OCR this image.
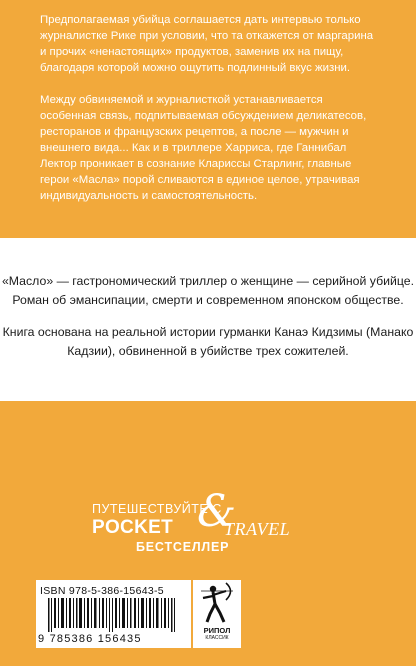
Предполагаемая убийца соглашается дать интервью только журналистке Рике при условии, что та откажется от маргарина и прочих «ненастоящих» продуктов, заменив их на пищу, благодаря которой можно ощутить подлинный вкус жизни.

Между обвиняемой и журналисткой устанавливается особенная связь, подпитываемая обсуждением деликатесов, ресторанов и французских рецептов, а после — мужчин и внешнего вида... Как и в триллере Харриса, где Ганнибал Лектор проникает в сознание Клариссы Старлинг, главные герои «Масла» порой сливаются в единое целое, утрачивая индивидуальность и самостоятельность.

«Масло» — гастрономический триллер о женщине — серийной убийце. Роман об эмансипации, смерти и современном японском обществе.

Книга основана на реальной истории гурманки Канаэ Кидзимы (Манако Кадзии), обвиненной в убийстве трех сожителей.

ПУТЕШЕСТВУЙТЕ С
POCKET &
TRAVEL
БЕСТСЕЛЛЕР
ISBN 978-5-386-15643-5
9 785386 156435
РИПОЛ
КЛАССИК
